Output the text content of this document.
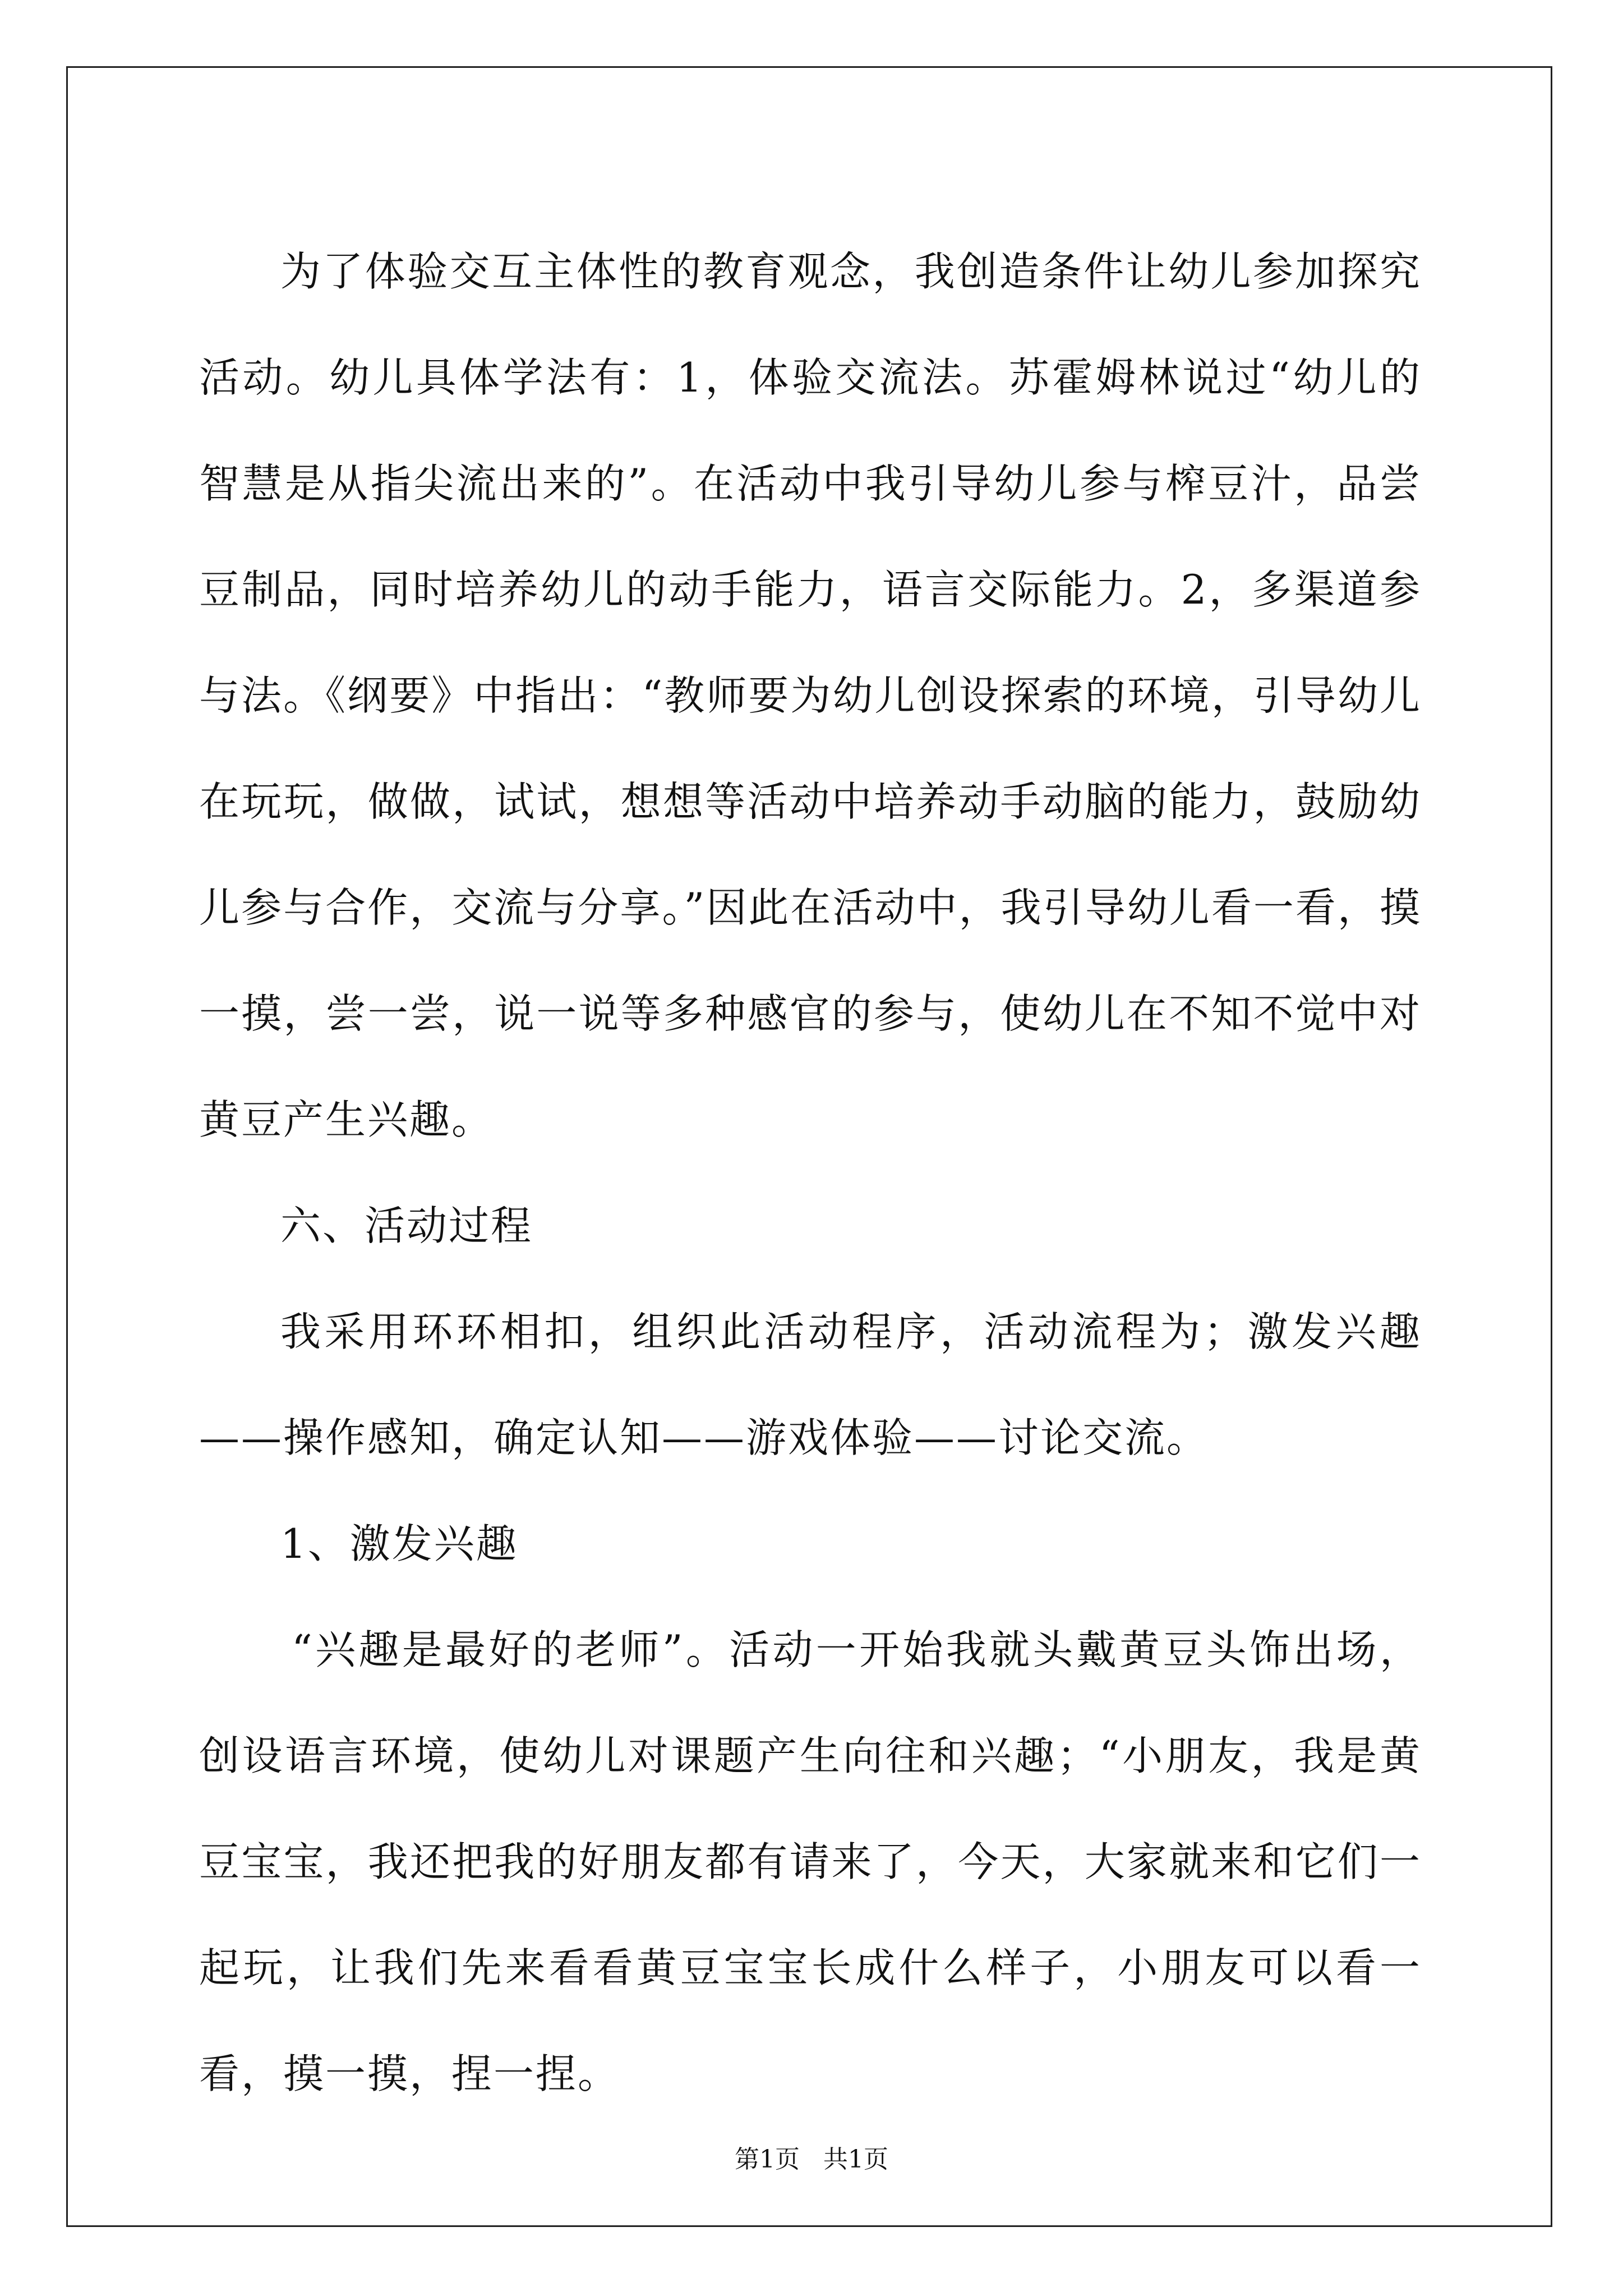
为了体验交互主体性的教育观念，我创造条件让幼儿参加探究活动。幼儿具体学法有：1，体验交流法。苏霍姆林说过“幼儿的智慧是从指尖流出来的”。在活动中我引导幼儿参与榨豆汁，品尝豆制品，同时培养幼儿的动手能力，语言交际能力。2，多渠道参与法。《纲要》中指出：“教师要为幼儿创设探索的环境，引导幼儿在玩玩，做做，试试，想想等活动中培养动手动脑的能力，鼓励幼儿参与合作，交流与分享。”因此在活动中，我引导幼儿看一看，摸一摸，尝一尝，说一说等多种感官的参与，使幼儿在不知不觉中对黄豆产生兴趣。

六、活动过程

我采用环环相扣，组织此活动程序，活动流程为；激发兴趣——操作感知，确定认知——游戏体验——讨论交流。

1、激发兴趣

“兴趣是最好的老师”。活动一开始我就头戴黄豆头饰出场，创设语言环境，使幼儿对课题产生向往和兴趣；“小朋友，我是黄豆宝宝，我还把我的好朋友都有请来了，今天，大家就来和它们一起玩，让我们先来看看黄豆宝宝长成什么样子，小朋友可以看一看，摸一摸，捏一捏。

第1页 共1页
